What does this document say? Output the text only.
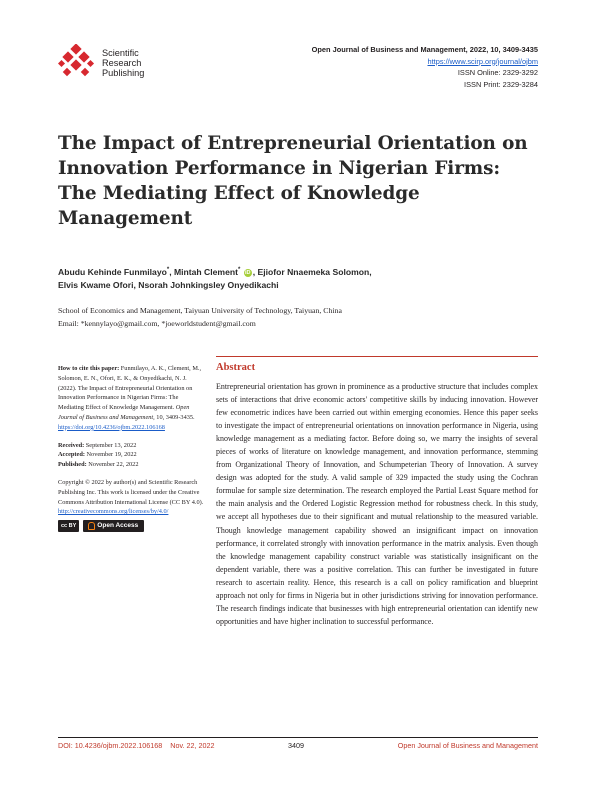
Scientific
Research
Publishing
Open Journal of Business and Management, 2022, 10, 3409-3435
https://www.scirp.org/journal/ojbm
ISSN Online: 2329-3292
ISSN Print: 2329-3284
The Impact of Entrepreneurial Orientation on Innovation Performance in Nigerian Firms: The Mediating Effect of Knowledge Management
Abudu Kehinde Funmilayo*, Mintah Clement* iD , Ejiofor Nnaemeka Solomon,
Elvis Kwame Ofori, Nsorah Johnkingsley Onyedikachi
School of Economics and Management, Taiyuan University of Technology, Taiyuan, China
Email: *kennylayo@gmail.com, *joeworldstudent@gmail.com
How to cite this paper: Funmilayo, A. K., Clement, M., Solomon, E. N., Ofori, E. K., & Onyedikachi, N. J. (2022). The Impact of Entrepreneurial Orientation on Innovation Performance in Nigerian Firms: The Mediating Effect of Knowledge Management. Open Journal of Business and Management, 10, 3409-3435.
https://doi.org/10.4236/ojbm.2022.106168
Received: September 13, 2022
Accepted: November 19, 2022
Published: November 22, 2022
Copyright © 2022 by author(s) and Scientific Research Publishing Inc. This work is licensed under the Creative Commons Attribution International License (CC BY 4.0).
http://creativecommons.org/licenses/by/4.0/
cc BY	Open Access
Abstract
Entrepreneurial orientation has grown in prominence as a productive structure that includes complex sets of interactions that drive economic actors' competitive skills by inducing innovation. However few econometric indices have been carried out within emerging economies. Hence this paper seeks to investigate the impact of entrepreneurial orientations on innovation performance in Nigeria, using knowledge management as a mediating factor. Before doing so, we marry the insights of several pieces of works of literature on knowledge management, and innovation performance, stemming from Organizational Theory of Innovation, and Schumpeterian Theory of Innovation. A survey design was adopted for the study. A valid sample of 329 impacted the study using the Cochran formulae for sample size determination. The research employed the Partial Least Square method for the main analysis and the Ordered Logistic Regression method for robustness check. In this study, we accept all hypotheses due to their significant and mutual relationship to the measured variable. Though knowledge management capability showed an insignificant impact on innovation performance, it correlated strongly with innovation performance in the matrix analysis. Even though the knowledge management capability construct variable was statistically insignificant on the dependent variable, there was a positive correlation. This can further be investigated in future research to ascertain reality. Hence, this research is a call on policy ramification and blueprint approach not only for firms in Nigeria but in other jurisdictions striving for innovation performance. The research findings indicate that businesses with high entrepreneurial orientation can identify new opportunities and have higher inclination to successful performance.
DOI: 10.4236/ojbm.2022.106168 Nov. 22, 2022	3409	Open Journal of Business and Management
